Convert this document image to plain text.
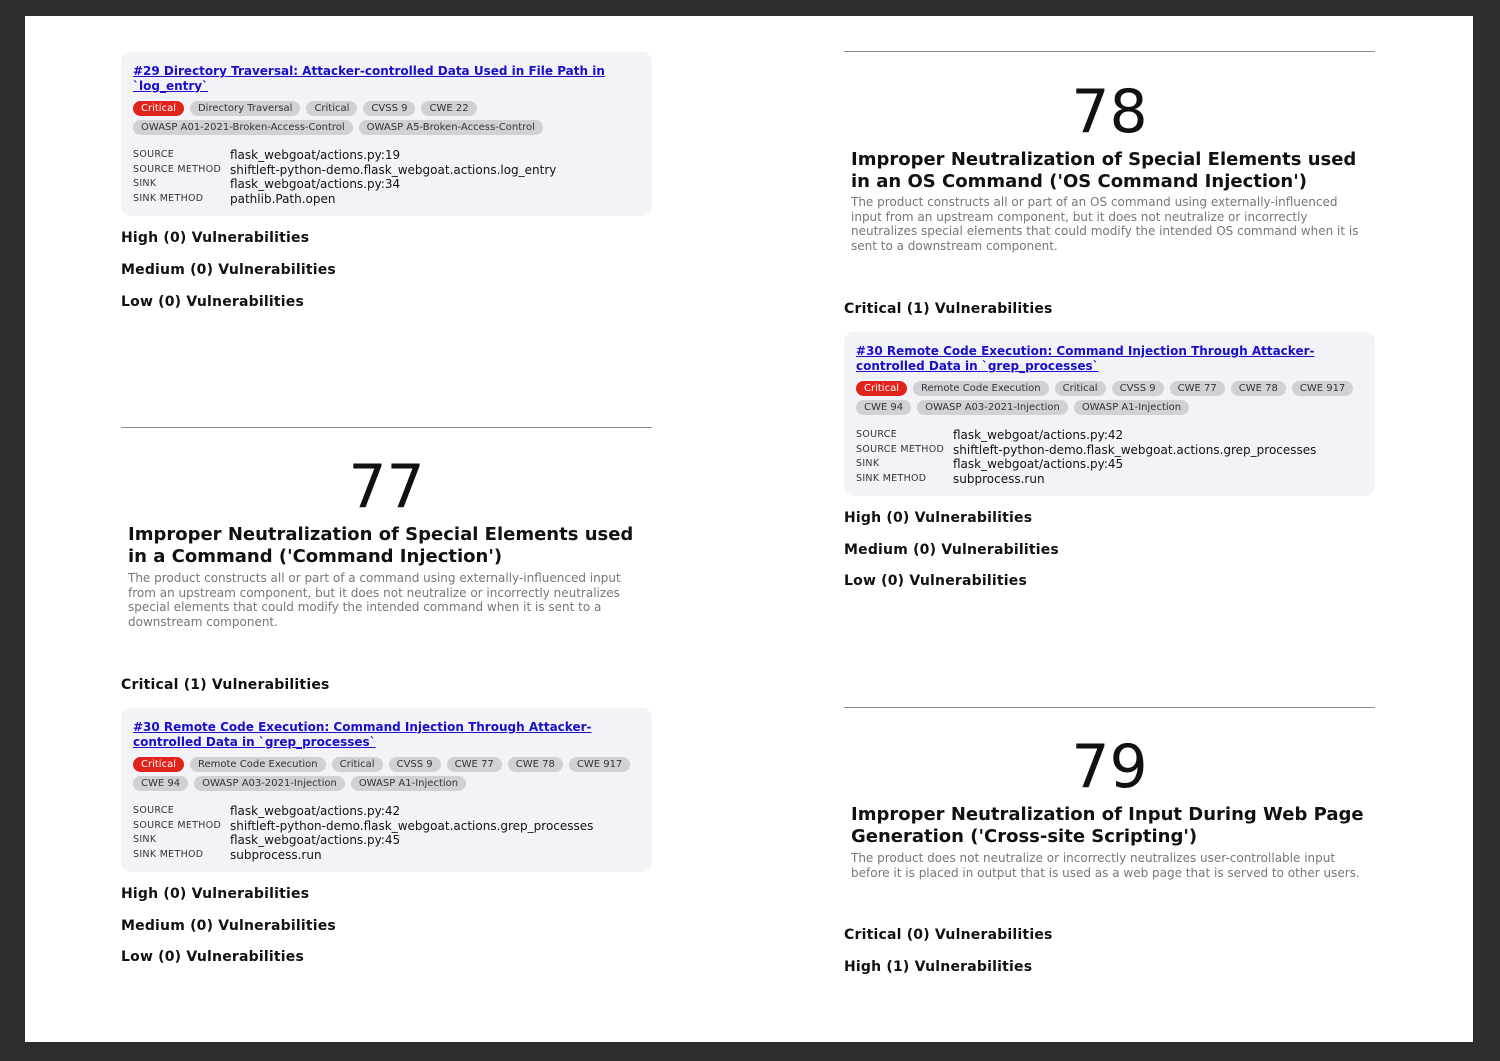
#29 Directory Traversal: Attacker-controlled Data Used in File Path in `log_entry`
Critical	Directory Traversal	Critical	CVSS 9	CWE 22
OWASP A01-2021-Broken-Access-Control	OWASP A5-Broken-Access-Control
SOURCE	flask_webgoat/actions.py:19
SOURCE METHOD shiftleft-python-demo.flask_webgoat.actions.log_entry
SINK	flask_webgoat/actions.py:34
SINK METHOD	pathlib.Path.open
High (0) Vulnerabilities
Medium (0) Vulnerabilities
Low (0) Vulnerabilities
77
Improper Neutralization of Special Elements used in a Command ('Command Injection')
The product constructs all or part of a command using externally-influenced input from an upstream component, but it does not neutralize or incorrectly neutralizes special elements that could modify the intended command when it is sent to a downstream component.
Critical (1) Vulnerabilities
#30 Remote Code Execution: Command Injection Through Attacker-controlled Data in `grep_processes`
Critical	Remote Code Execution	Critical	CVSS 9	CWE 77	CWE 78	CWE 917
CWE 94	OWASP A03-2021-Injection	OWASP A1-Injection
SOURCE	flask_webgoat/actions.py:42
SOURCE METHOD shiftleft-python-demo.flask_webgoat.actions.grep_processes
SINK	flask_webgoat/actions.py:45
SINK METHOD	subprocess.run
High (0) Vulnerabilities
Medium (0) Vulnerabilities
Low (0) Vulnerabilities
78
Improper Neutralization of Special Elements used in an OS Command ('OS Command Injection')
The product constructs all or part of an OS command using externally-influenced input from an upstream component, but it does not neutralize or incorrectly neutralizes special elements that could modify the intended OS command when it is sent to a downstream component.
Critical (1) Vulnerabilities
#30 Remote Code Execution: Command Injection Through Attacker-controlled Data in `grep_processes`
Critical	Remote Code Execution	Critical	CVSS 9	CWE 77	CWE 78	CWE 917
CWE 94	OWASP A03-2021-Injection	OWASP A1-Injection
SOURCE	flask_webgoat/actions.py:42
SOURCE METHOD shiftleft-python-demo.flask_webgoat.actions.grep_processes
SINK	flask_webgoat/actions.py:45
SINK METHOD	subprocess.run
High (0) Vulnerabilities
Medium (0) Vulnerabilities
Low (0) Vulnerabilities
79
Improper Neutralization of Input During Web Page Generation ('Cross-site Scripting')
The product does not neutralize or incorrectly neutralizes user-controllable input before it is placed in output that is used as a web page that is served to other users.
Critical (0) Vulnerabilities
High (1) Vulnerabilities
